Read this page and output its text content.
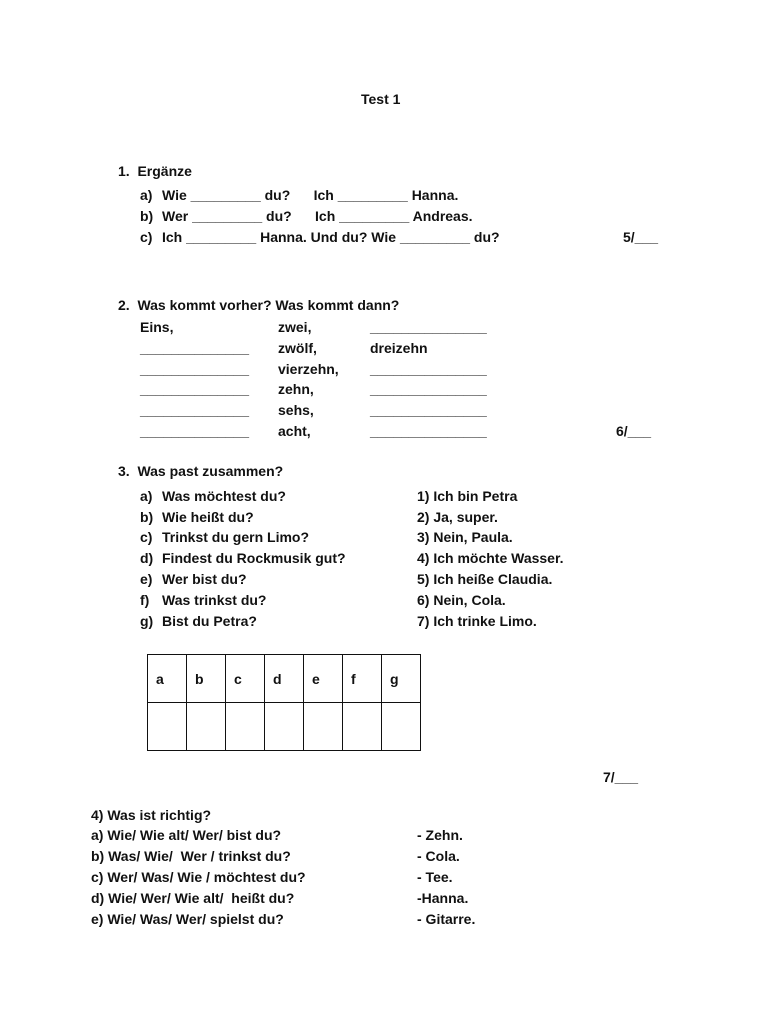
Test 1
1.  Ergänze
a) Wie _________ du?      Ich _________ Hanna.
b) Wer _________ du?      Ich _________ Andreas.
c) Ich _________ Hanna. Und du? Wie _________ du?	5/___
2.  Was kommt vorher? Was kommt dann?
Eins,	zwei,	_______________
______________ zwölf,	dreizehn
______________ vierzehn, _______________
______________ zehn,	_______________
______________ sehs,	_______________
______________ acht,	_______________	6/___
3.  Was past zusammen?
a) Was möchtest du?	1) Ich bin Petra
b) Wie heißt du?	2) Ja, super.
c) Trinkst du gern Limo?	3) Nein, Paula.
d) Findest du Rockmusik gut?	4) Ich möchte Wasser.
e) Wer bist du?	5) Ich heiße Claudia.
f) Was trinkst du?	6) Nein, Cola.
g) Bist du Petra?	7) Ich trinke Limo.
a	b	c	d	e	f	g

7/___
4) Was ist richtig?
a) Wie/ Wie alt/ Wer/ bist du?	- Zehn.
b) Was/ Wie/  Wer / trinkst du?	- Cola.
c) Wer/ Was/ Wie / möchtest du?	- Tee.
d) Wie/ Wer/ Wie alt/  heißt du?	-Hanna.
e) Wie/ Was/ Wer/ spielst du?	- Gitarre.
